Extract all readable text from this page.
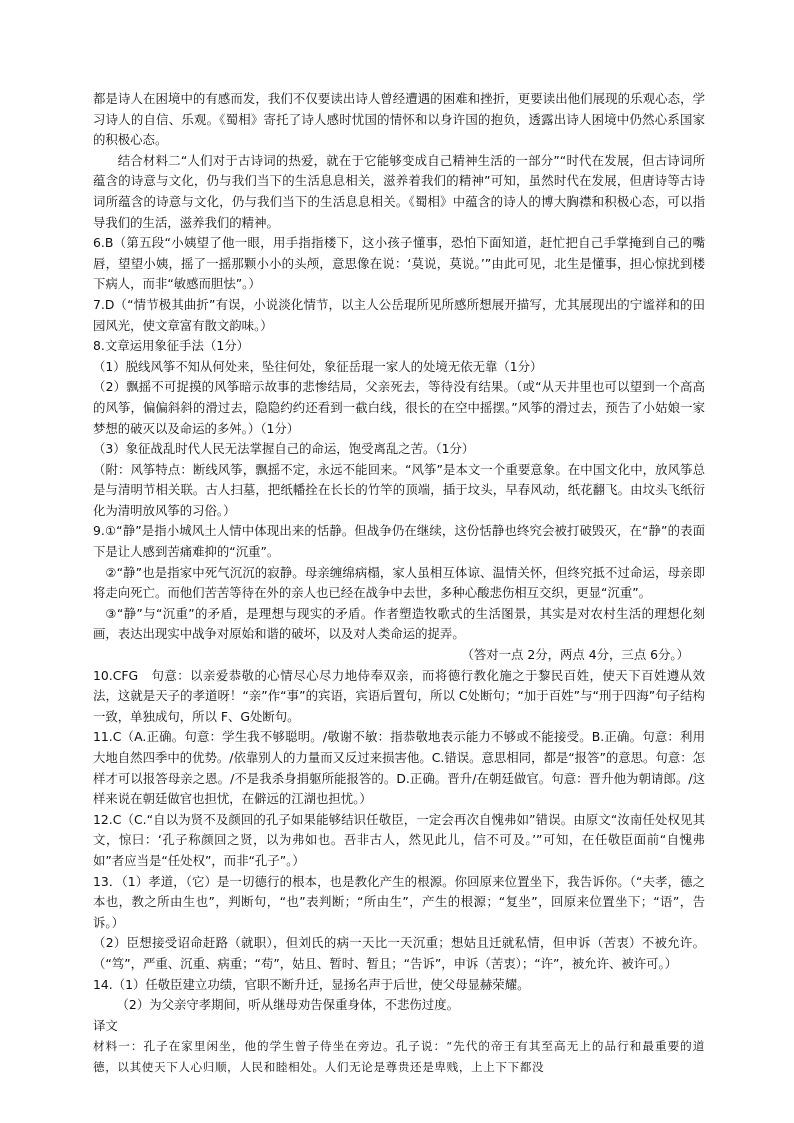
都是诗人在困境中的有感而发，我们不仅要读出诗人曾经遭遇的困难和挫折，更要读出他们展现的乐观心态，学习诗人的自信、乐观。《蜀相》寄托了诗人感时忧国的情怀和以身许国的抱负，透露出诗人困境中仍然心系国家的积极心态。

结合材料二“人们对于古诗词的热爱，就在于它能够变成自己精神生活的一部分”“时代在发展，但古诗词所蕴含的诗意与文化，仍与我们当下的生活息息相关，滋养着我们的精神”可知，虽然时代在发展，但唐诗等古诗词所蕴含的诗意与文化，仍与我们当下的生活息息相关。《蜀相》中蕴含的诗人的博大胸襟和积极心态，可以指导我们的生活，滋养我们的精神。

6.B（第五段“小姨望了他一眼，用手指指楼下，这小孩子懂事，恐怕下面知道，赶忙把自己手掌掩到自己的嘴唇，望望小姨，摇了一摇那颗小小的头颅，意思像在说：‘莫说，莫说。’”由此可见，北生是懂事，担心惊扰到楼下病人，而非“敏感而胆怯”。）

7.D（“情节极其曲折”有误，小说淡化情节，以主人公岳琨所见所感所想展开描写，尤其展现出的宁谧祥和的田园风光，使文章富有散文韵味。）

8.文章运用象征手法（1分）

（1）脱线风筝不知从何处来，坠往何处，象征岳琨一家人的处境无依无靠（1分）

（2）飘摇不可捉摸的风筝暗示故事的悲惨结局，父亲死去，等待没有结果。（或“从天井里也可以望到一个高高的风筝，偏偏斜斜的滑过去，隐隐约约还看到一截白线，很长的在空中摇摆。”风筝的滑过去，预告了小姑娘一家梦想的破灭以及命运的多舛。）（1分）

（3）象征战乱时代人民无法掌握自己的命运，饱受离乱之苦。（1分）

（附：风筝特点：断线风筝，飘摇不定，永远不能回来。“风筝”是本文一个重要意象。在中国文化中，放风筝总是与清明节相关联。古人扫墓，把纸幡拴在长长的竹竿的顶端，插于坟头，早春风动，纸花翻飞。由坟头飞纸衍化为清明放风筝的习俗。）

9.①“静”是指小城风土人情中体现出来的恬静。但战争仍在继续，这份恬静也终究会被打破毁灭，在“静”的表面下是让人感到苦痛难抑的“沉重”。

②“静”也是指家中死气沉沉的寂静。母亲缠绵病榻，家人虽相互体谅、温情关怀，但终究抵不过命运，母亲即将走向死亡。而他们苦苦等待在外的亲人也已经在战争中去世，多种心酸悲伤相互交织，更显“沉重”。

③“静”与“沉重”的矛盾，是理想与现实的矛盾。作者塑造牧歌式的生活图景，其实是对农村生活的理想化刻画，表达出现实中战争对原始和谐的破坏，以及对人类命运的捉弄。

（答对一点 2分，两点 4分，三点 6分。）

10.CFG　句意：以亲爱恭敬的心情尽心尽力地侍奉双亲，而将德行教化施之于黎民百姓，使天下百姓遵从效法，这就是天子的孝道呀！“亲”作“事”的宾语，宾语后置句，所以 C处断句；“加于百姓”与“刑于四海”句子结构一致，单独成句，所以 F、G处断句。

11.C（A.正确。句意：学生我不够聪明。/敬谢不敏：指恭敬地表示能力不够或不能接受。B.正确。句意：利用大地自然四季中的优势。/依靠别人的力量而又反过来损害他。C.错误。意思相同，都是“报答”的意思。句意：怎样才可以报答母亲之恩。/不是我杀身捐躯所能报答的。D.正确。晋升/在朝廷做官。句意：晋升他为朝请郎。/这样来说在朝廷做官也担忧，在僻远的江湖也担忧。）

12.C（C.“自以为贤不及颜回的孔子如果能够结识任敬臣，一定会再次自愧弗如”错误。由原文“汝南任处权见其文，惊曰：‘孔子称颜回之贤，以为弗如也。吾非古人，然见此儿，信不可及。’”可知，在任敬臣面前“自愧弗如”者应当是“任处权”，而非“孔子”。）

13．（1）孝道，（它）是一切德行的根本，也是教化产生的根源。你回原来位置坐下，我告诉你。（“夫孝，德之本也，教之所由生也”，判断句，“也”表判断；“所由生”，产生的根源；“复坐”，回原来位置坐下；“语”，告诉。）

（2）臣想接受诏命赶路（就职），但刘氏的病一天比一天沉重；想姑且迁就私情，但申诉（苦衷）不被允许。（“笃”，严重、沉重、病重；“苟”，姑且、暂时、暂且；“告诉”，申诉（苦衷）；“许”，被允许、被许可。）

14.（1）任敬臣建立功绩，官职不断升迁，显扬名声于后世，使父母显赫荣耀。

（2）为父亲守孝期间，听从继母劝告保重身体，不悲伤过度。

译文

材料一：孔子在家里闲坐，他的学生曾子侍坐在旁边。孔子说：“先代的帝王有其至高无上的品行和最重要的道德，以其使天下人心归顺，人民和睦相处。人们无论是尊贵还是卑贱，上上下下都没
